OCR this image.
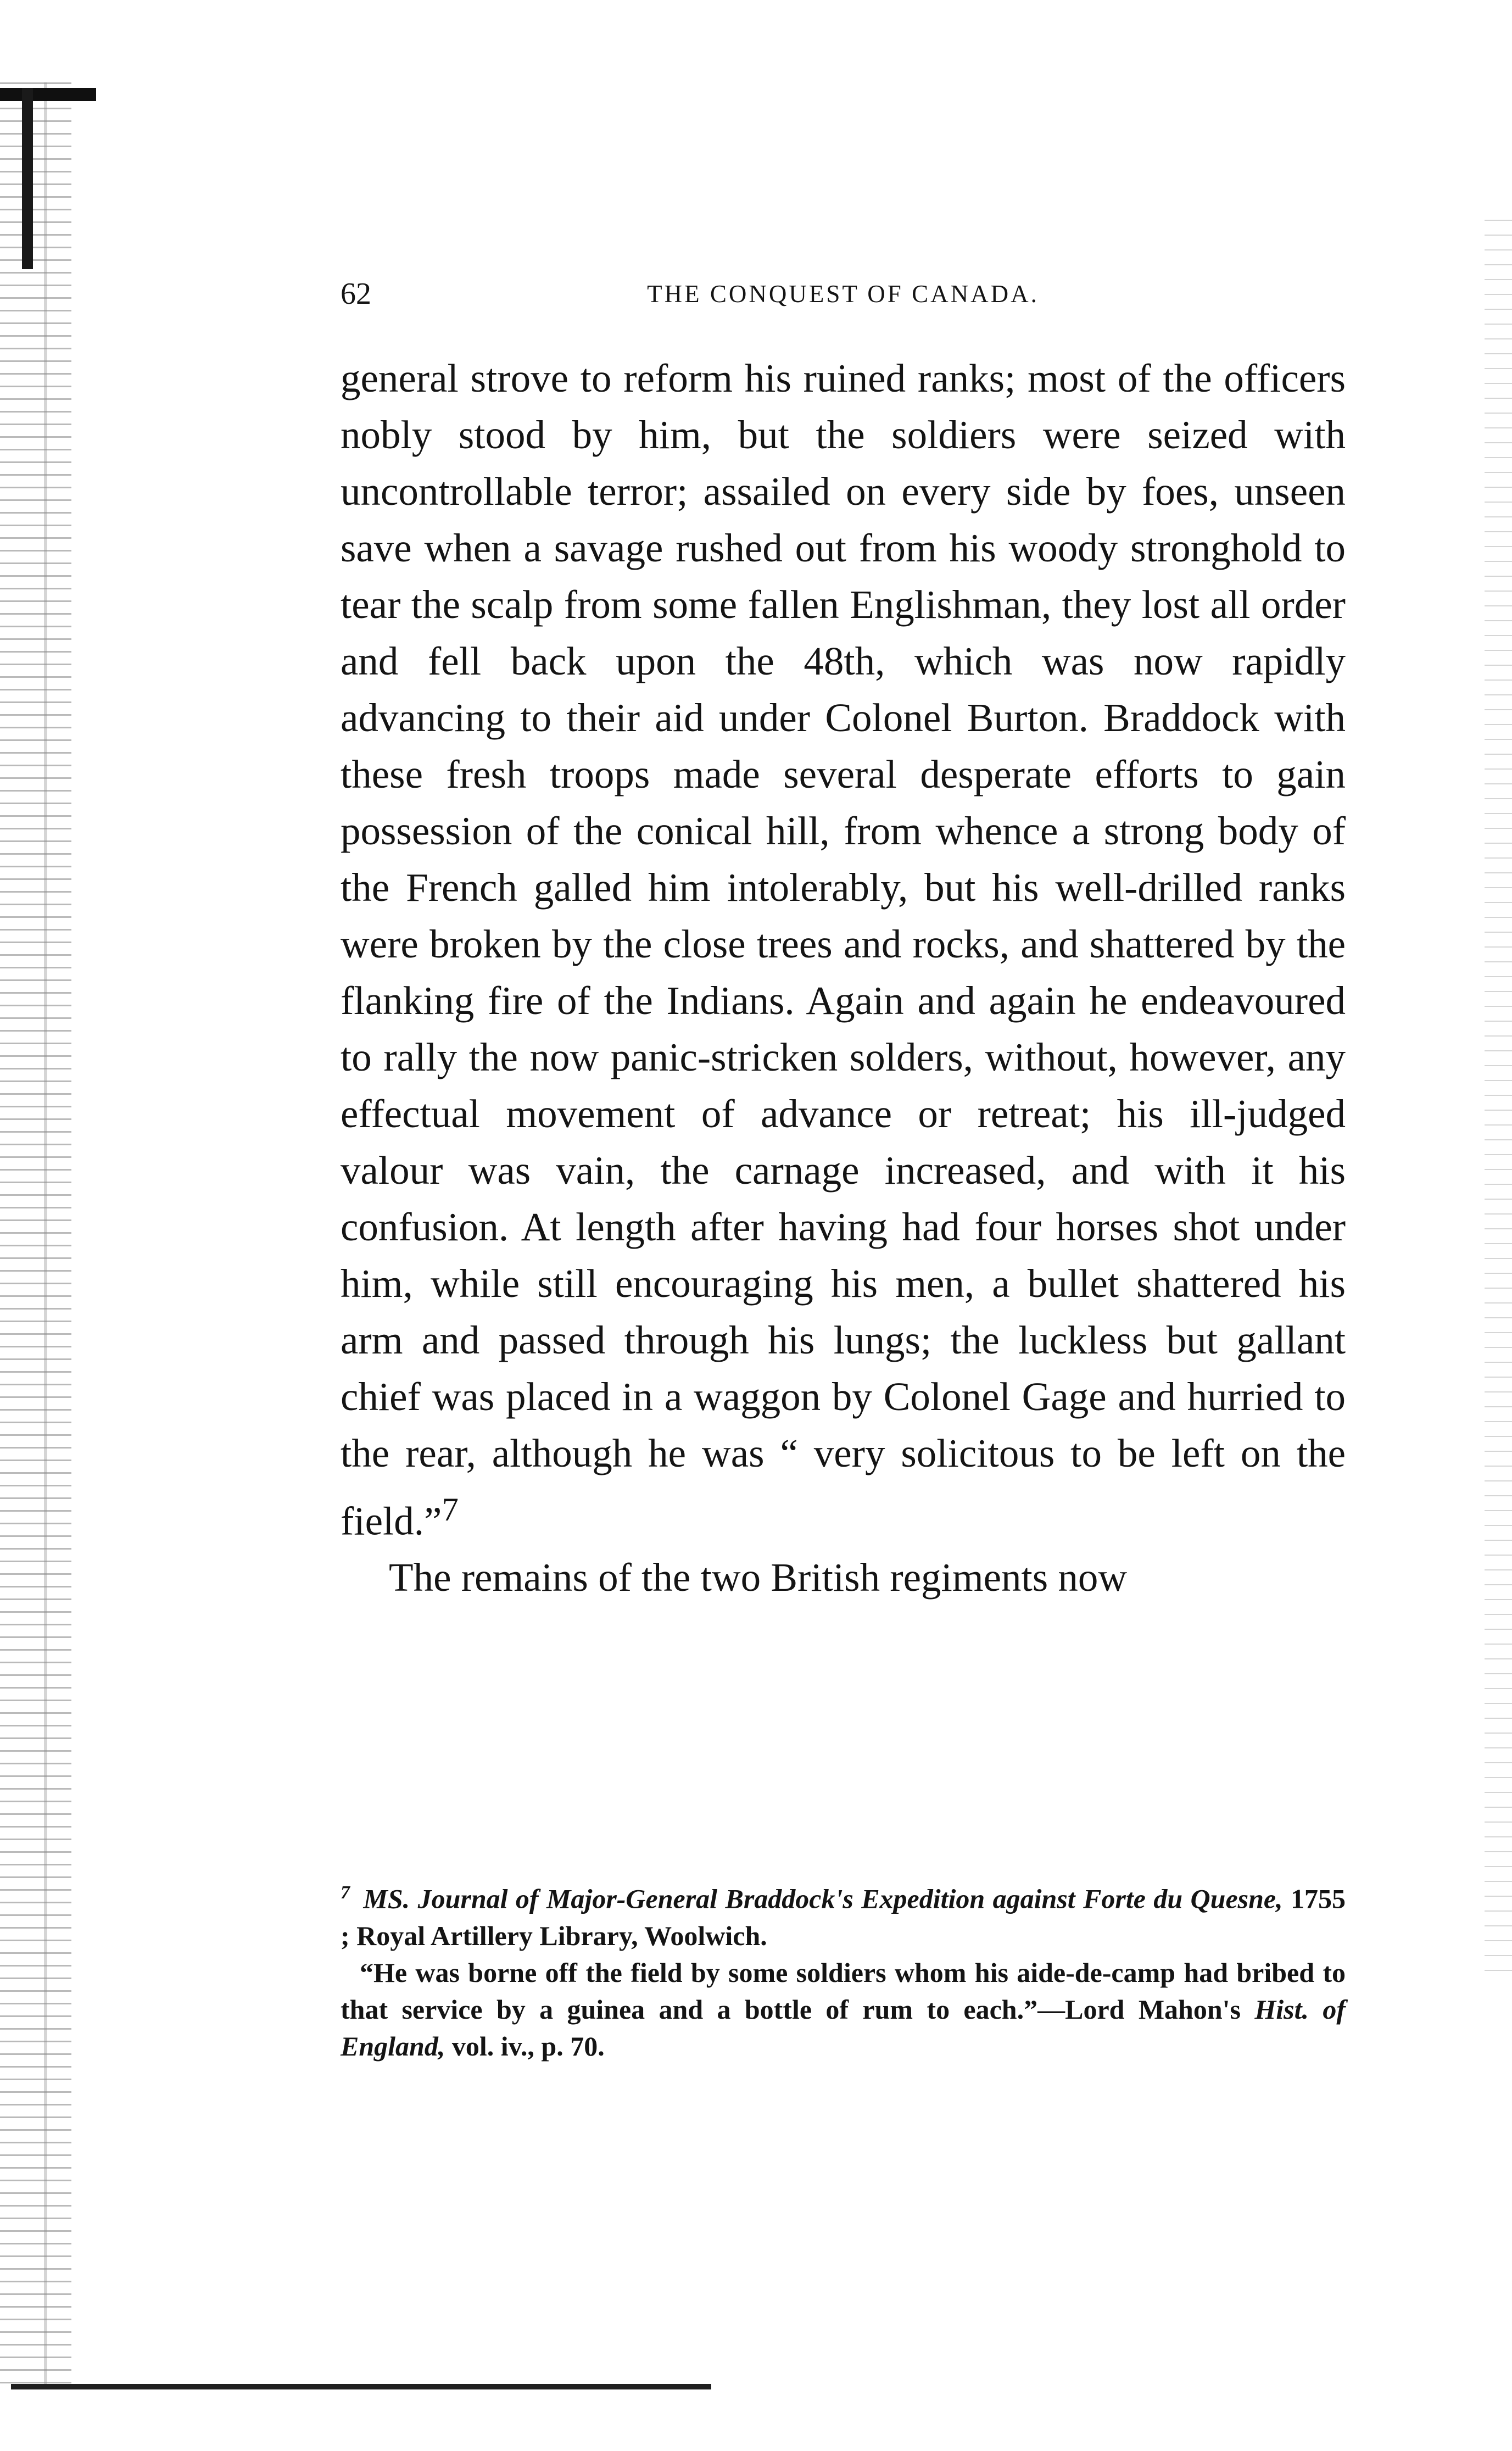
62	THE CONQUEST OF CANADA.

general strove to reform his ruined ranks; most of the officers nobly stood by him, but the soldiers were seized with uncontrollable terror; assailed on every side by foes, unseen save when a savage rushed out from his woody stronghold to tear the scalp from some fallen Englishman, they lost all order and fell back upon the 48th, which was now rapidly advancing to their aid under Colonel Burton. Braddock with these fresh troops made several desperate efforts to gain possession of the conical hill, from whence a strong body of the French galled him intolerably, but his well-drilled ranks were broken by the close trees and rocks, and shattered by the flanking fire of the Indians. Again and again he endeavoured to rally the now panic-stricken solders, without, however, any effectual movement of advance or retreat; his ill-judged valour was vain, the carnage increased, and with it his confusion. At length after having had four horses shot under him, while still encouraging his men, a bullet shattered his arm and passed through his lungs; the luckless but gallant chief was placed in a waggon by Colonel Gage and hurried to the rear, although he was “ very solicitous to be left on the field.”$^7$

The remains of the two British regiments now

$^7$ MS. Journal of Major-General Braddock's Expedition against Forte du Quesne, 1755 ; Royal Artillery Library, Woolwich.

“He was borne off the field by some soldiers whom his aide-de-camp had bribed to that service by a guinea and a bottle of rum to each.”—Lord Mahon's Hist. of England, vol. iv., p. 70.
